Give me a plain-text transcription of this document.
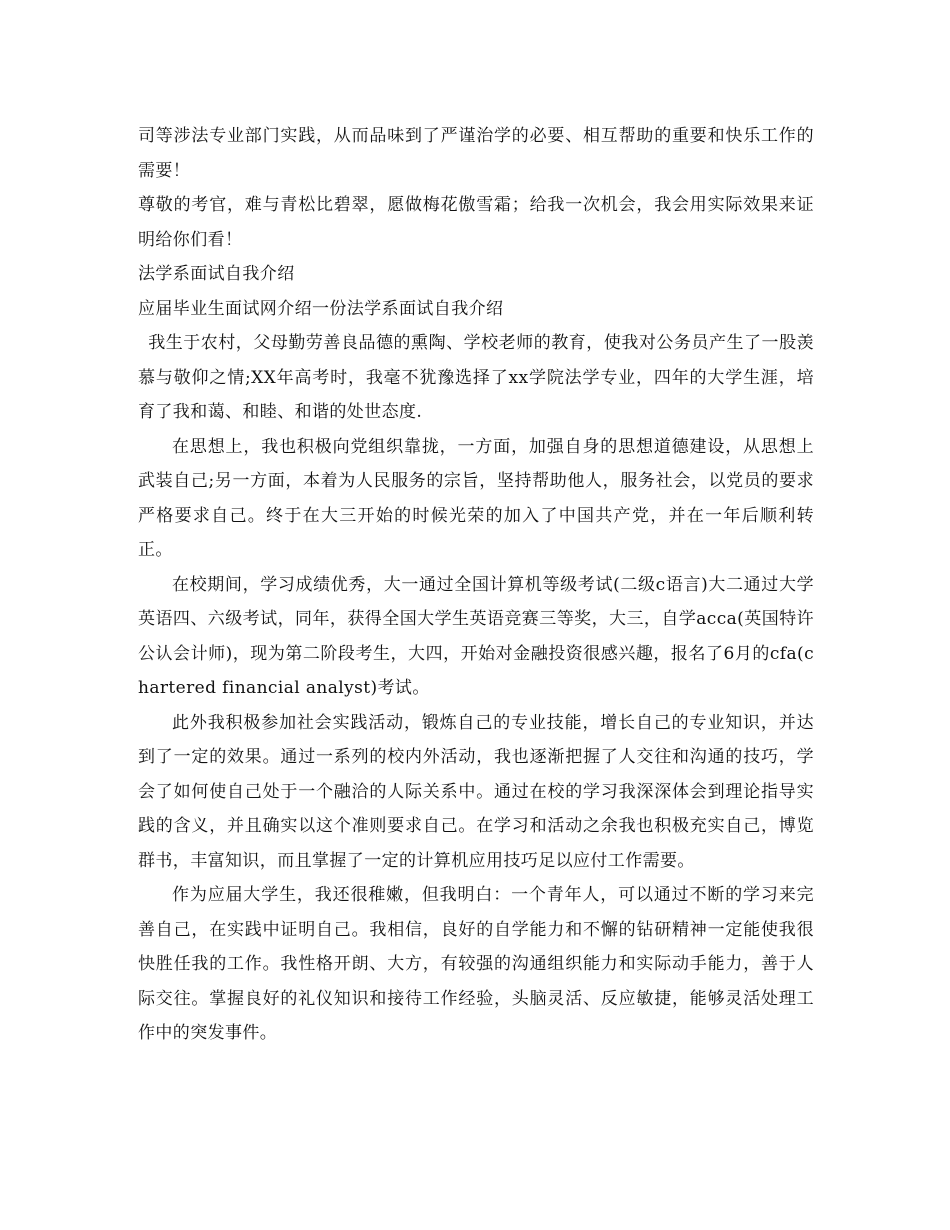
司等涉法专业部门实践，从而品味到了严谨治学的必要、相互帮助的重要和快乐工作的需要！

尊敬的考官，难与青松比碧翠，愿做梅花傲雪霜；给我一次机会，我会用实际效果来证明给你们看！

法学系面试自我介绍

应届毕业生面试网介绍一份法学系面试自我介绍

我生于农村，父母勤劳善良品德的熏陶、学校老师的教育，使我对公务员产生了一股羡慕与敬仰之情;XX年高考时，我毫不犹豫选择了xx学院法学专业，四年的大学生涯，培育了我和蔼、和睦、和谐的处世态度.

在思想上，我也积极向党组织靠拢，一方面，加强自身的思想道德建设，从思想上武装自己;另一方面，本着为人民服务的宗旨，坚持帮助他人，服务社会，以党员的要求严格要求自己。终于在大三开始的时候光荣的加入了中国共产党，并在一年后顺利转正。

在校期间，学习成绩优秀，大一通过全国计算机等级考试(二级c语言)大二通过大学英语四、六级考试，同年，获得全国大学生英语竞赛三等奖，大三，自学acca(英国特许公认会计师)，现为第二阶段考生，大四，开始对金融投资很感兴趣，报名了6月的cfa(chartered financial analyst)考试。

此外我积极参加社会实践活动，锻炼自己的专业技能，增长自己的专业知识，并达到了一定的效果。通过一系列的校内外活动，我也逐渐把握了人交往和沟通的技巧，学会了如何使自己处于一个融洽的人际关系中。通过在校的学习我深深体会到理论指导实践的含义，并且确实以这个准则要求自己。在学习和活动之余我也积极充实自己，博览群书，丰富知识，而且掌握了一定的计算机应用技巧足以应付工作需要。

作为应届大学生，我还很稚嫩，但我明白：一个青年人，可以通过不断的学习来完善自己，在实践中证明自己。我相信，良好的自学能力和不懈的钻研精神一定能使我很快胜任我的工作。我性格开朗、大方，有较强的沟通组织能力和实际动手能力，善于人际交往。掌握良好的礼仪知识和接待工作经验，头脑灵活、反应敏捷，能够灵活处理工作中的突发事件。
